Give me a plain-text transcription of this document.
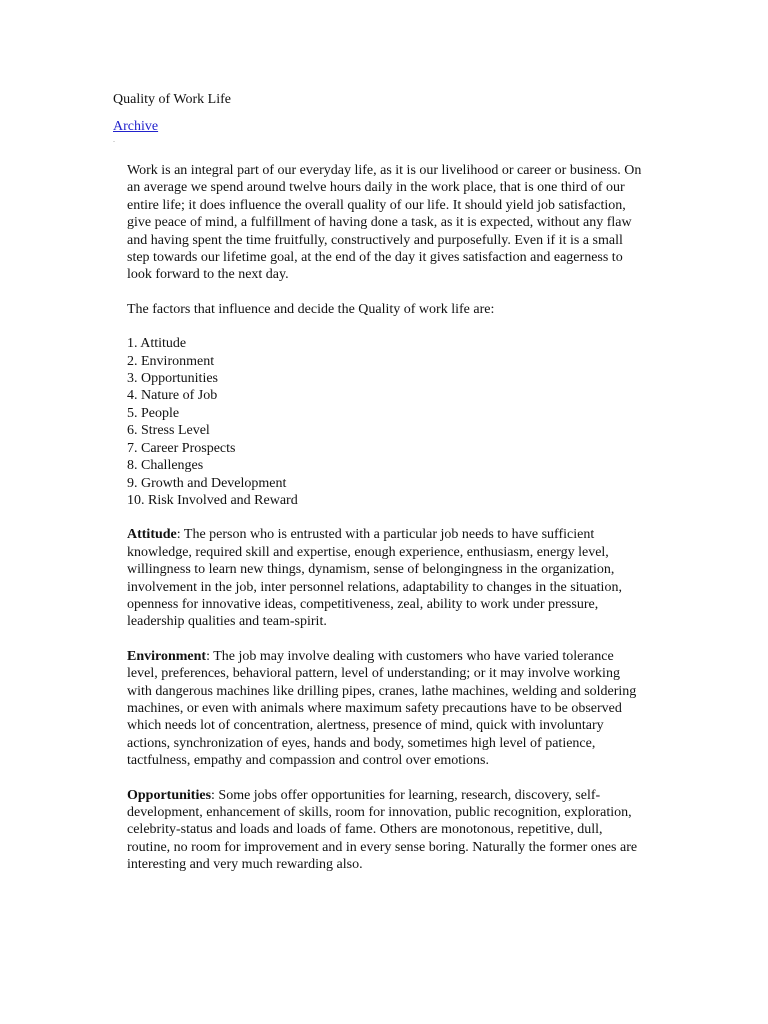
Quality of Work Life
Archive
.

Work is an integral part of our everyday life, as it is our livelihood or career or business. On an average we spend around twelve hours daily in the work place, that is one third of our entire life; it does influence the overall quality of our life. It should yield job satisfaction, give peace of mind, a fulfillment of having done a task, as it is expected, without any flaw and having spent the time fruitfully, constructively and purposefully. Even if it is a small step towards our lifetime goal, at the end of the day it gives satisfaction and eagerness to look forward to the next day.

The factors that influence and decide the Quality of work life are:

1. Attitude
2. Environment
3. Opportunities
4. Nature of Job
5. People
6. Stress Level
7. Career Prospects
8. Challenges
9. Growth and Development
10. Risk Involved and Reward

Attitude: The person who is entrusted with a particular job needs to have sufficient knowledge, required skill and expertise, enough experience, enthusiasm, energy level, willingness to learn new things, dynamism, sense of belongingness in the organization, involvement in the job, inter personnel relations, adaptability to changes in the situation, openness for innovative ideas, competitiveness, zeal, ability to work under pressure, leadership qualities and team-spirit.

Environment: The job may involve dealing with customers who have varied tolerance level, preferences, behavioral pattern, level of understanding; or it may involve working with dangerous machines like drilling pipes, cranes, lathe machines, welding and soldering machines, or even with animals where maximum safety precautions have to be observed which needs lot of concentration, alertness, presence of mind, quick with involuntary actions, synchronization of eyes, hands and body, sometimes high level of patience, tactfulness, empathy and compassion and control over emotions.

Opportunities: Some jobs offer opportunities for learning, research, discovery, self-development, enhancement of skills, room for innovation, public recognition, exploration, celebrity-status and loads and loads of fame. Others are monotonous, repetitive, dull, routine, no room for improvement and in every sense boring. Naturally the former ones are interesting and very much rewarding also.
